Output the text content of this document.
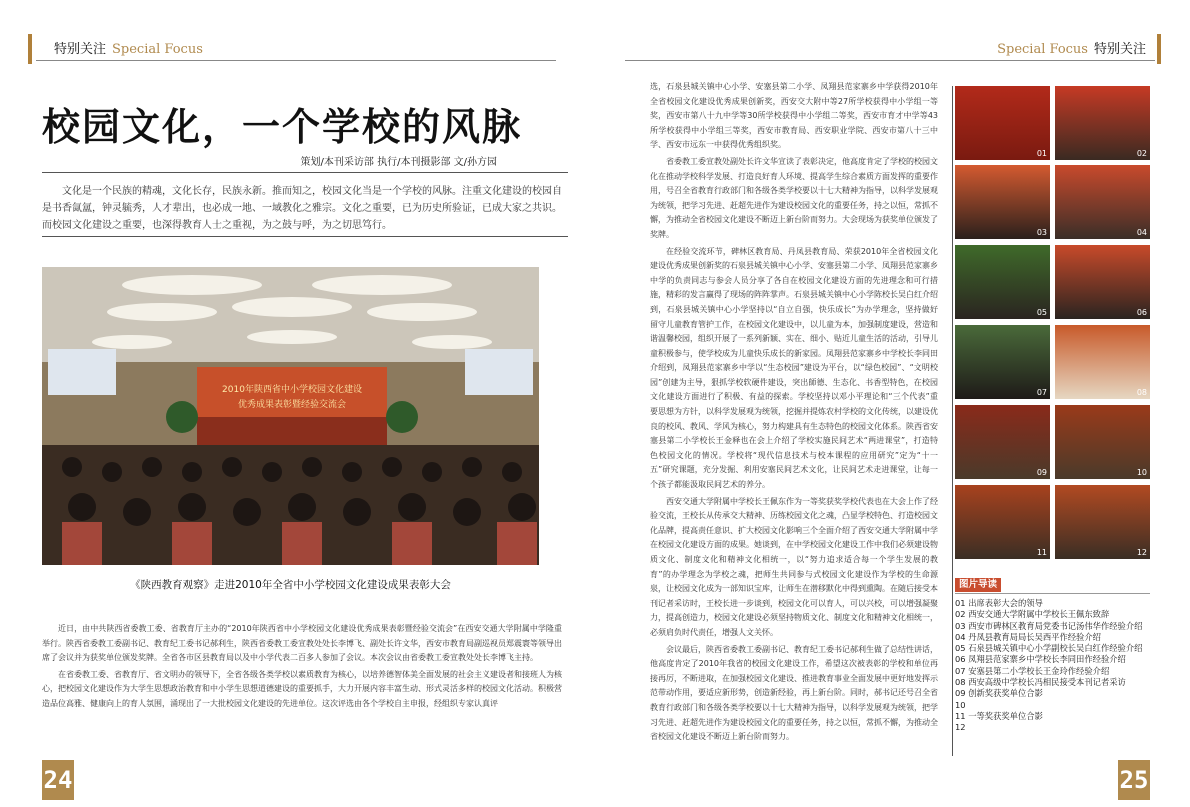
特别关注 Special Focus
校园文化，一个学校的风脉
策划/本刊采访部 执行/本刊摄影部 文/孙方园
文化是一个民族的精魂，文化长存，民族永新。推而知之，校园文化当是一个学校的风脉。注重文化建设的校园自是书香氤氲，钟灵毓秀，人才辈出，也必成一地、一域教化之雅宗。文化之重要，已为历史所验证，已成大家之共识。而校园文化建设之重要，也深得教育人士之重视，为之鼓与呼，为之切思笃行。
2010年陕西省中小学校园文化建设
优秀成果表彰暨经验交流会
《陕西教育观察》走进2010年全省中小学校园文化建设成果表彰大会

近日，由中共陕西省委教工委、省教育厅主办的“2010年陕西省中小学校园文化建设优秀成果表彰暨经验交流会”在西安交通大学附属中学隆重举行。陕西省委教工委副书记、教育纪工委书记郝利生，陕西省委教工委宣教处处长李博飞、副处长许文华，西安市教育局副巡视员郑震寰等领导出席了会议并为获奖单位颁发奖牌。全省各市区县教育局以及中小学代表二百多人参加了会议。本次会议由省委教工委宣教处处长李博飞主持。

在省委教工委、省教育厅、省文明办的领导下，全省各级各类学校以素质教育为核心，以培养德智体美全面发展的社会主义建设者和接班人为核心，把校园文化建设作为大学生思想政治教育和中小学生思想道德建设的重要抓手，大力开展内容丰富生动、形式灵活多样的校园文化活动。积极营造品位高雅、健康向上的育人氛围，涌现出了一大批校园文化建设的先进单位。这次评选由各个学校自主申报，经组织专家认真评

24
Special Focus 特别关注

选，石泉县城关镇中心小学、安塞县第二小学、凤翔县范家寨乡中学获得2010年全省校园文化建设优秀成果创新奖，西安交大附中等27所学校获得中小学组一等奖，西安市第八十九中学等30所学校获得中小学组二等奖，西安市育才中学等43所学校获得中小学组三等奖，西安市教育局、西安职业学院、西安市第八十三中学、西安市远东一中获得优秀组织奖。

省委教工委宣教处副处长许文华宣读了表彰决定，他高度肯定了学校的校园文化在推动学校科学发展、打造良好育人环境、提高学生综合素质方面发挥的重要作用，号召全省教育行政部门和各级各类学校要以十七大精神为指导，以科学发展观为统领，把学习先进、赶超先进作为建设校园文化的重要任务，持之以恒，常抓不懈，为推动全省校园文化建设不断迈上新台阶而努力。大会现场为获奖单位颁发了奖牌。

在经验交流环节，碑林区教育局、丹凤县教育局、荣获2010年全省校园文化建设优秀成果创新奖的石泉县城关镇中心小学、安塞县第二小学、凤翔县范家寨乡中学的负责同志与参会人员分享了各自在校园文化建设方面的先进理念和可行措施，精彩的发言赢得了现场的阵阵掌声。石泉县城关镇中心小学陈校长吴白红介绍到，石泉县城关镇中心小学坚持以“自立自强，快乐成长”为办学理念，坚持做好留守儿童教育管护工作，在校园文化建设中，以儿童为本，加强制度建设，营造和谐温馨校园，组织开展了一系列新颖、实在、细小、贴近儿童生活的活动，引导儿童积极参与，使学校成为儿童快乐成长的新家园。凤翔县范家寨乡中学校长李同田介绍到，凤翔县范家寨乡中学以“生态校园”建设为平台，以“绿色校园”、“文明校园”创建为主导，狠抓学校软硬件建设，突出師德、生态化、书香型特色，在校园文化建设方面进行了积极、有益的探索。学校坚持以邓小平理论和“三个代表”重要思想为方针，以科学发展观为统领，挖掘并提炼农村学校的文化传统，以建设优良的校风、教风、学风为核心，努力构建具有生态特色的校园文化体系。陕西省安塞县第二小学校长王金释也在会上介绍了学校实施民间艺术“两进课堂”，打造特色校园文化的情况。学校将“现代信息技术与校本课程的应用研究”定为“十一五”研究课题，充分发掘、利用安塞民间艺术文化，让民间艺术走进课堂，让每一个孩子都能汲取民间艺术的养分。

西安交通大学附属中学校长王佩东作为一等奖获奖学校代表也在大会上作了经验交流，王校长从传承交大精神、历练校园文化之魂，凸显学校特色、打造校园文化品牌，提高责任意识、扩大校园文化影响三个全面介绍了西安交通大学附属中学在校园文化建设方面的成果。她谈到，在中学校园文化建设工作中我们必须建设物质文化、制度文化和精神文化相统一，以“努力追求适合每一个学生发展的教育”的办学理念为学校之魂，把师生共同参与式校园文化建设作为学校的生命源泉，让校园文化成为一部知识宝库，让师生在潜移默化中得到熏陶。在随后接受本刊记者采访时，王校长进一步谈到，校园文化可以育人，可以兴校，可以增强凝聚力，提高创造力，校园文化建设必须坚持物质文化、制度文化和精神文化相统一，必须肩负时代责任，增强人文关怀。

会议最后，陕西省委教工委副书记、教育纪工委书记郝利生做了总结性讲话，他高度肯定了2010年我省的校园文化建设工作，希望这次被表彰的学校和单位再接再厉，不断进取，在加强校园文化建设、推进教育事业全面发展中更好地发挥示范带动作用，要适应新形势，创造新经验，再上新台阶。同时，郝书记还号召全省教育行政部门和各级各类学校要以十七大精神为指导，以科学发展观为统领，把学习先进、赶超先进作为建设校园文化的重要任务，持之以恒，常抓不懈，为推动全省校园文化建设不断迈上新台阶而努力。

25
01	02
03	04
05	06
07	08
09	10
11	12
图片导读
01 出席表彰大会的领导
02 西安交通大学附属中学校长王佩东致辞
03 西安市碑林区教育局党委书记汤伟华作经验介绍
04 丹凤县教育局局长吴西平作经验介绍
05 石泉县城关镇中心小学副校长吴白红作经验介绍
06 凤翔县范家寨乡中学校长李同田作经验介绍
07 安塞县第二小学校长王金玲作经验介绍
08 西安高级中学校长冯相民接受本刊记者采访
09 创新奖获奖单位合影
10
11 一等奖获奖单位合影
12
